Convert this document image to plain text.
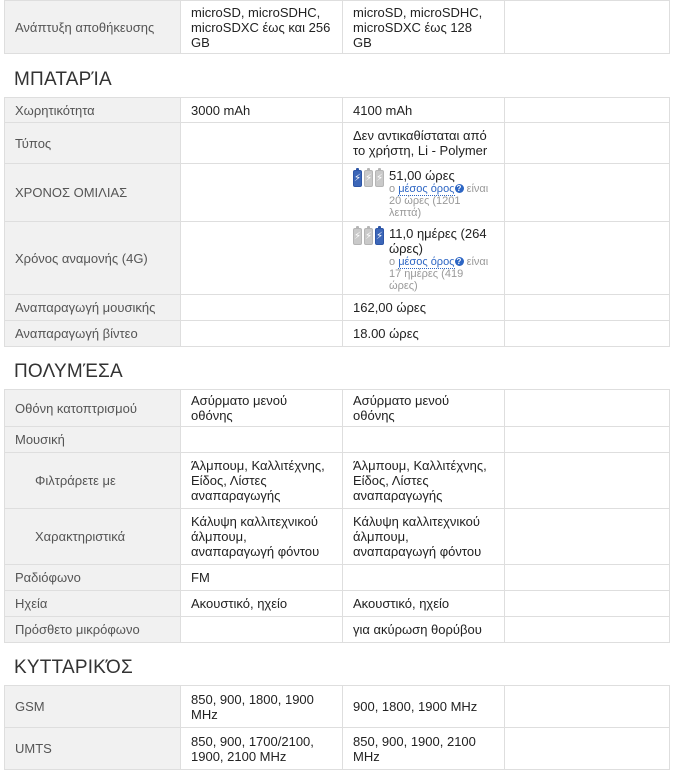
Ανάπτυξη αποθήκευσης	microSD, microSDHC, microSDXC έως και 256 GB	microSD, microSDHC, microSDXC έως 128 GB	
ΜΠΑΤΑΡΊΑ
Χωρητικότητα	3000 mAh	4100 mAh	
Τύπος		Δεν αντικαθίσταται από το χρήστη, Li - Polymer	
ΧΡΟΝΟΣ ΟΜΙΛΙΑΣ		⚡ ⚡ ⚡ 51,00 ώρες
ο μέσος όρος ? είναι 20 ώρες (1201 λεπτά)	

Χρόνος αναμονής (4G)		⚡ ⚡ ⚡ 11,0 ημέρες (264 ώρες)
ο μέσος όρος ? είναι 17 ημέρες (419 ώρες)	

Αναπαραγωγή μουσικής		162,00 ώρες	
Αναπαραγωγή βίντεο		18.00 ώρες	
ΠΟΛΥΜΈΣΑ
Οθόνη κατοπτρισμού	Ασύρματο μενού οθόνης	Ασύρματο μενού οθόνης	
Μουσική			
Φιλτράρετε με	Άλμπουμ, Καλλιτέχνης, Είδος, Λίστες αναπαραγωγής	Άλμπουμ, Καλλιτέχνης, Είδος, Λίστες αναπαραγωγής	
Χαρακτηριστικά	Κάλυψη καλλιτεχνικού άλμπουμ, αναπαραγωγή φόντου	Κάλυψη καλλιτεχνικού άλμπουμ, αναπαραγωγή φόντου	
Ραδιόφωνο	FM		
Ηχεία	Ακουστικό, ηχείο	Ακουστικό, ηχείο	
Πρόσθετο μικρόφωνο		για ακύρωση θορύβου	
ΚΥΤΤΑΡΙΚΌΣ
GSM	850, 900, 1800, 1900 MHz	900, 1800, 1900 MHz	
UMTS	850, 900, 1700/2100, 1900, 2100 MHz	850, 900, 1900, 2100 MHz	
